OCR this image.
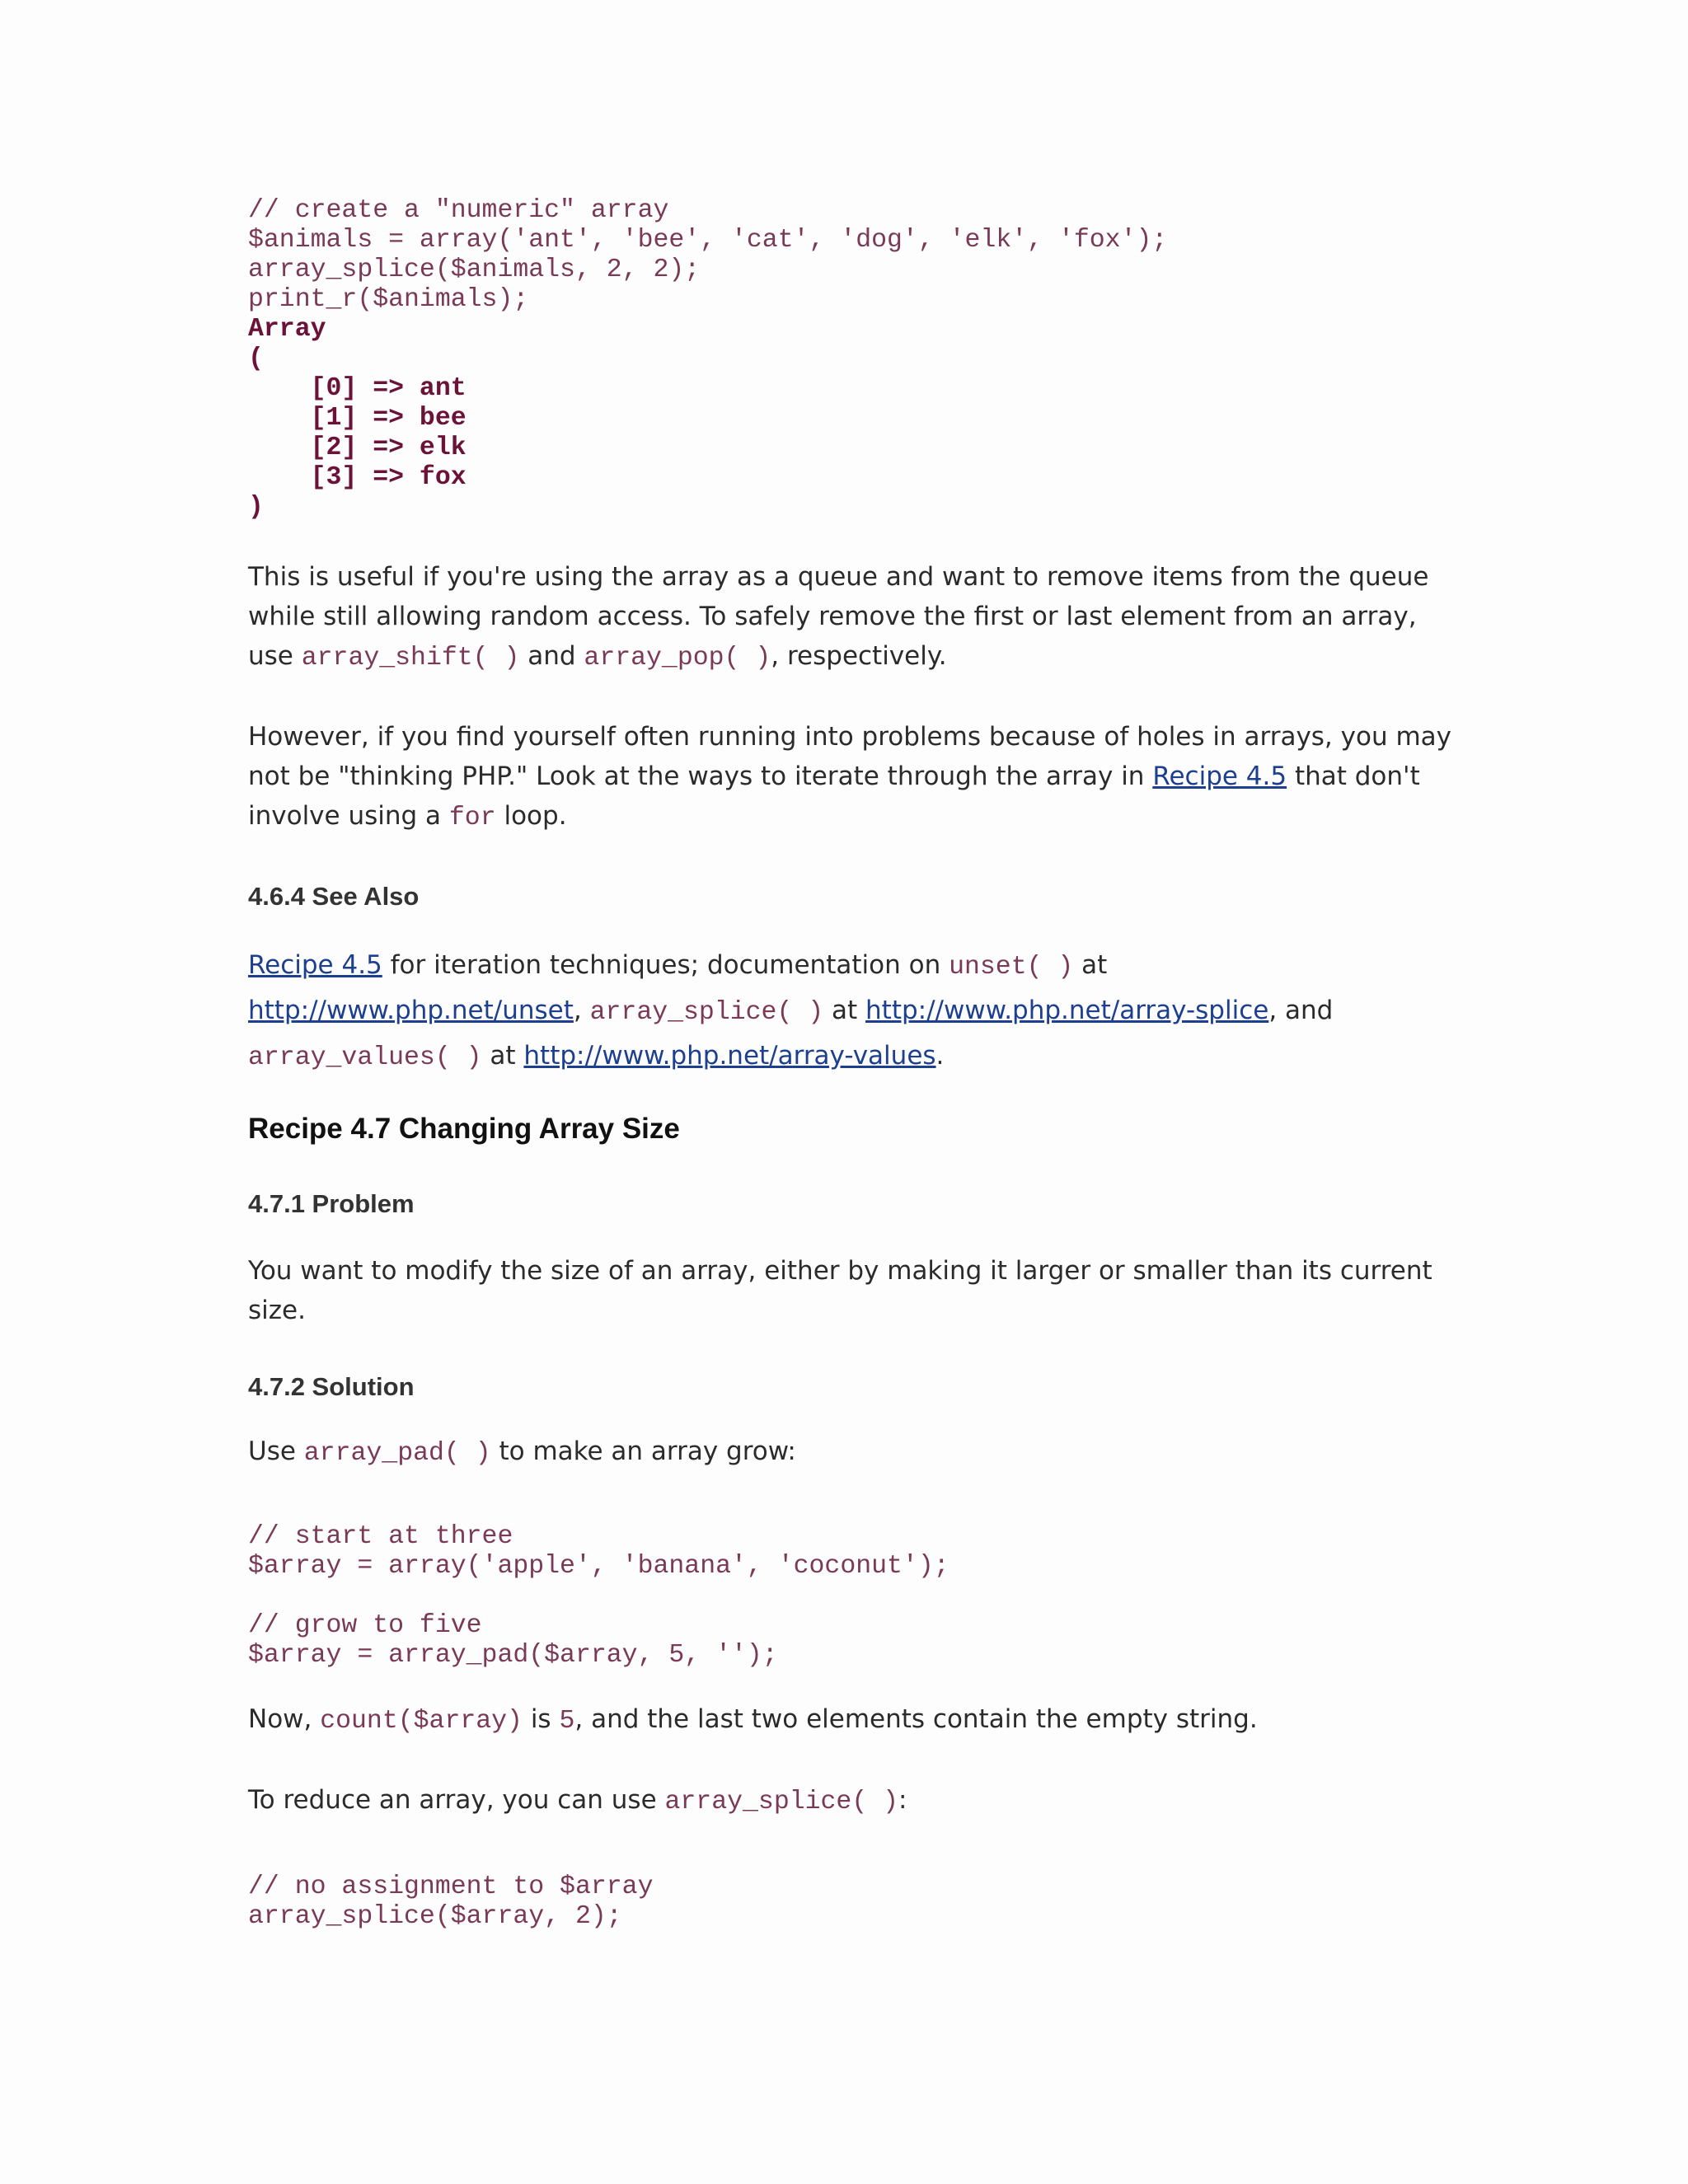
// create a "numeric" array
$animals = array('ant', 'bee', 'cat', 'dog', 'elk', 'fox');
array_splice($animals, 2, 2);
print_r($animals);
Array
(
[0] => ant
[1] => bee
[2] => elk
[3] => fox
)

This is useful if you're using the array as a queue and want to remove items from the queue while still allowing random access. To safely remove the first or last element from an array, use array_shift( ) and array_pop( ), respectively.

However, if you find yourself often running into problems because of holes in arrays, you may not be "thinking PHP." Look at the ways to iterate through the array in Recipe 4.5 that don't involve using a for loop.

4.6.4 See Also

Recipe 4.5 for iteration techniques; documentation on unset( ) at
http://www.php.net/unset, array_splice( ) at http://www.php.net/array-splice, and
array_values( ) at http://www.php.net/array-values.

Recipe 4.7 Changing Array Size
4.7.1 Problem

You want to modify the size of an array, either by making it larger or smaller than its current size.

4.7.2 Solution

Use array_pad( ) to make an array grow:

// start at three
$array = array('apple', 'banana', 'coconut');

// grow to five
$array = array_pad($array, 5, '');

Now, count($array) is 5, and the last two elements contain the empty string.

To reduce an array, you can use array_splice( ):

// no assignment to $array
array_splice($array, 2);
